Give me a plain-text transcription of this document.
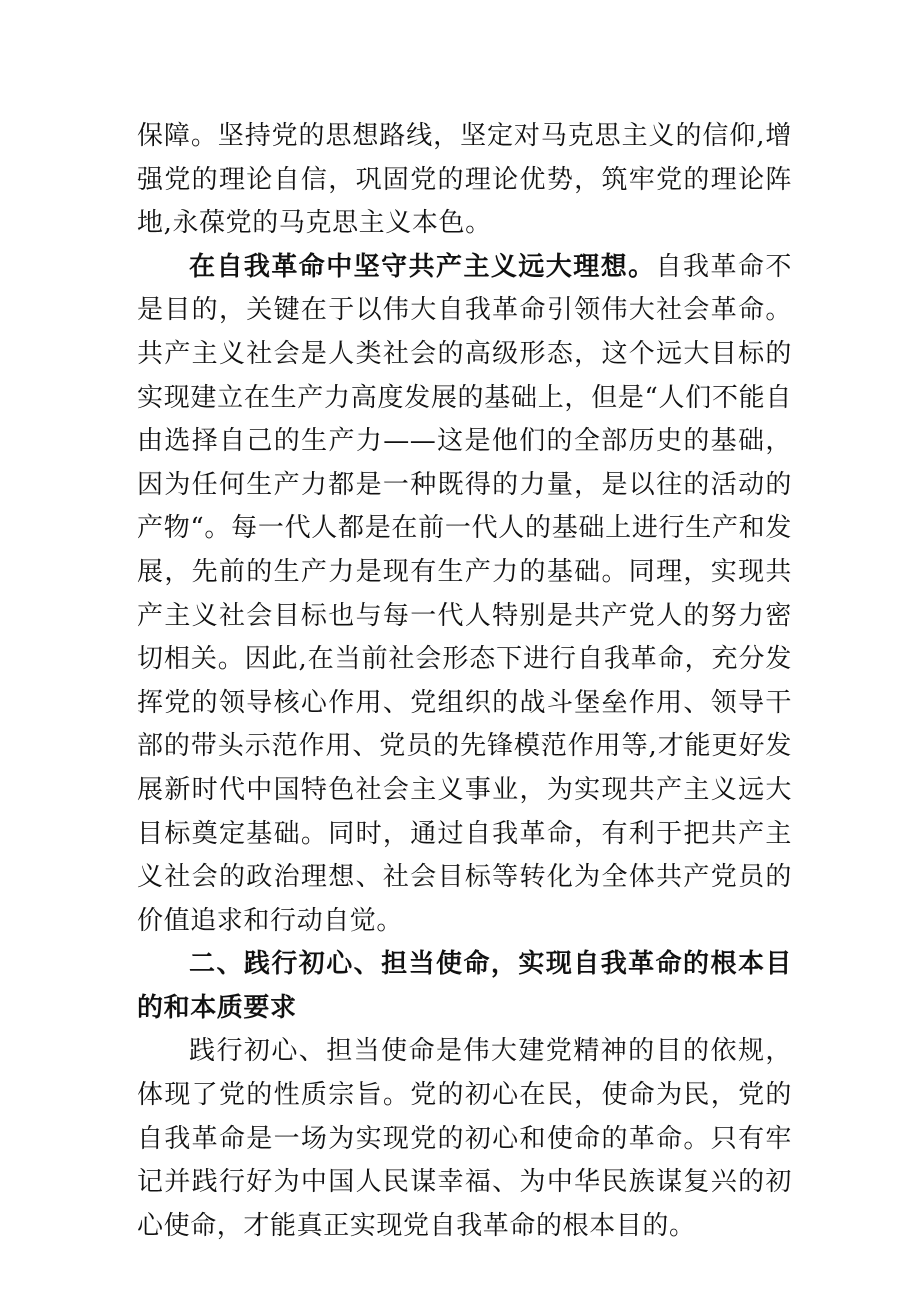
保障。坚持党的思想路线，坚定对马克思主义的信仰,增强党的理论自信，巩固党的理论优势，筑牢党的理论阵地,永葆党的马克思主义本色。

在自我革命中坚守共产主义远大理想。自我革命不是目的，关键在于以伟大自我革命引领伟大社会革命。共产主义社会是人类社会的高级形态，这个远大目标的实现建立在生产力高度发展的基础上，但是“人们不能自由选择自己的生产力——这是他们的全部历史的基础，因为任何生产力都是一种既得的力量，是以往的活动的产物“。每一代人都是在前一代人的基础上进行生产和发展，先前的生产力是现有生产力的基础。同理，实现共产主义社会目标也与每一代人特别是共产党人的努力密切相关。因此,在当前社会形态下进行自我革命，充分发挥党的领导核心作用、党组织的战斗堡垒作用、领导干部的带头示范作用、党员的先锋模范作用等,才能更好发展新时代中国特色社会主义事业，为实现共产主义远大目标奠定基础。同时，通过自我革命，有利于把共产主义社会的政治理想、社会目标等转化为全体共产党员的价值追求和行动自觉。

二、践行初心、担当使命，实现自我革命的根本目的和本质要求

践行初心、担当使命是伟大建党精神的目的依规，体现了党的性质宗旨。党的初心在民，使命为民，党的自我革命是一场为实现党的初心和使命的革命。只有牢记并践行好为中国人民谋幸福、为中华民族谋复兴的初心使命，才能真正实现党自我革命的根本目的。
